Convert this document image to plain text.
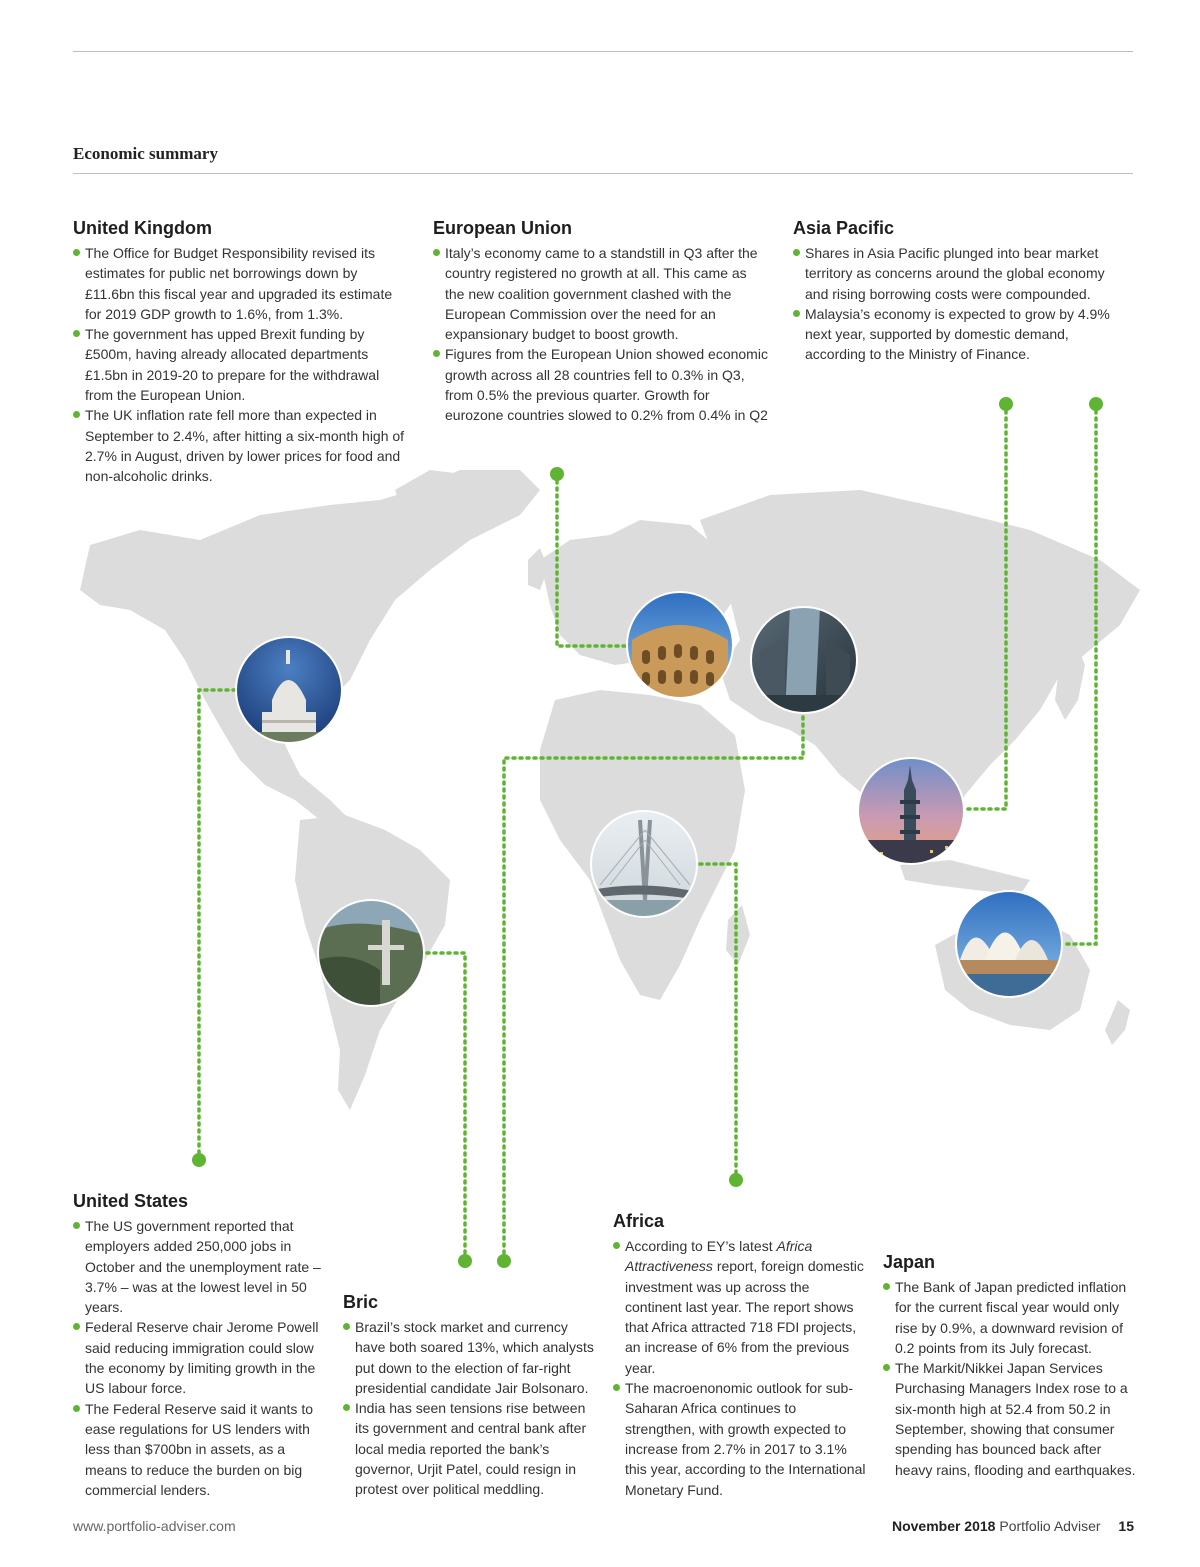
Economic summary
United Kingdom
The Office for Budget Responsibility revised its estimates for public net borrowings down by £11.6bn this fiscal year and upgraded its estimate for 2019 GDP growth to 1.6%, from 1.3%.
The government has upped Brexit funding by £500m, having already allocated departments £1.5bn in 2019-20 to prepare for the withdrawal from the European Union.
The UK inflation rate fell more than expected in September to 2.4%, after hitting a six-month high of 2.7% in August, driven by lower prices for food and non-alcoholic drinks.
European Union
Italy’s economy came to a standstill in Q3 after the country registered no growth at all. This came as the new coalition government clashed with the European Commission over the need for an expansionary budget to boost growth.
Figures from the European Union showed economic growth across all 28 countries fell to 0.3% in Q3, from 0.5% the previous quarter. Growth for eurozone countries slowed to 0.2% from 0.4% in Q2
Asia Pacific
Shares in Asia Pacific plunged into bear market territory as concerns around the global economy and rising borrowing costs were compounded.
Malaysia’s economy is expected to grow by 4.9% next year, supported by domestic demand, according to the Ministry of Finance.
United States
The US government reported that employers added 250,000 jobs in October and the unemployment rate – 3.7% – was at the lowest level in 50 years.
Federal Reserve chair Jerome Powell said reducing immigration could slow the economy by limiting growth in the US labour force.
The Federal Reserve said it wants to ease regulations for US lenders with less than $700bn in assets, as a means to reduce the burden on big commercial lenders.
Bric
Brazil’s stock market and currency have both soared 13%, which analysts put down to the election of far-right presidential candidate Jair Bolsonaro.
India has seen tensions rise between its government and central bank after local media reported the bank’s governor, Urjit Patel, could resign in protest over political meddling.
Africa
According to EY’s latest Africa Attractiveness report, foreign domestic investment was up across the continent last year. The report shows that Africa attracted 718 FDI projects, an increase of 6% from the previous year.
The macroenonomic outlook for sub-Saharan Africa continues to strengthen, with growth expected to increase from 2.7% in 2017 to 3.1% this year, according to the International Monetary Fund.
Japan
The Bank of Japan predicted inflation for the current fiscal year would only rise by 0.9%, a downward revision of 0.2 points from its July forecast.
The Markit/Nikkei Japan Services Purchasing Managers Index rose to a six-month high at 52.4 from 50.2 in September, showing that consumer spending has bounced back after heavy rains, flooding and earthquakes.
www.portfolio-adviser.com	November 2018 Portfolio Adviser 15
